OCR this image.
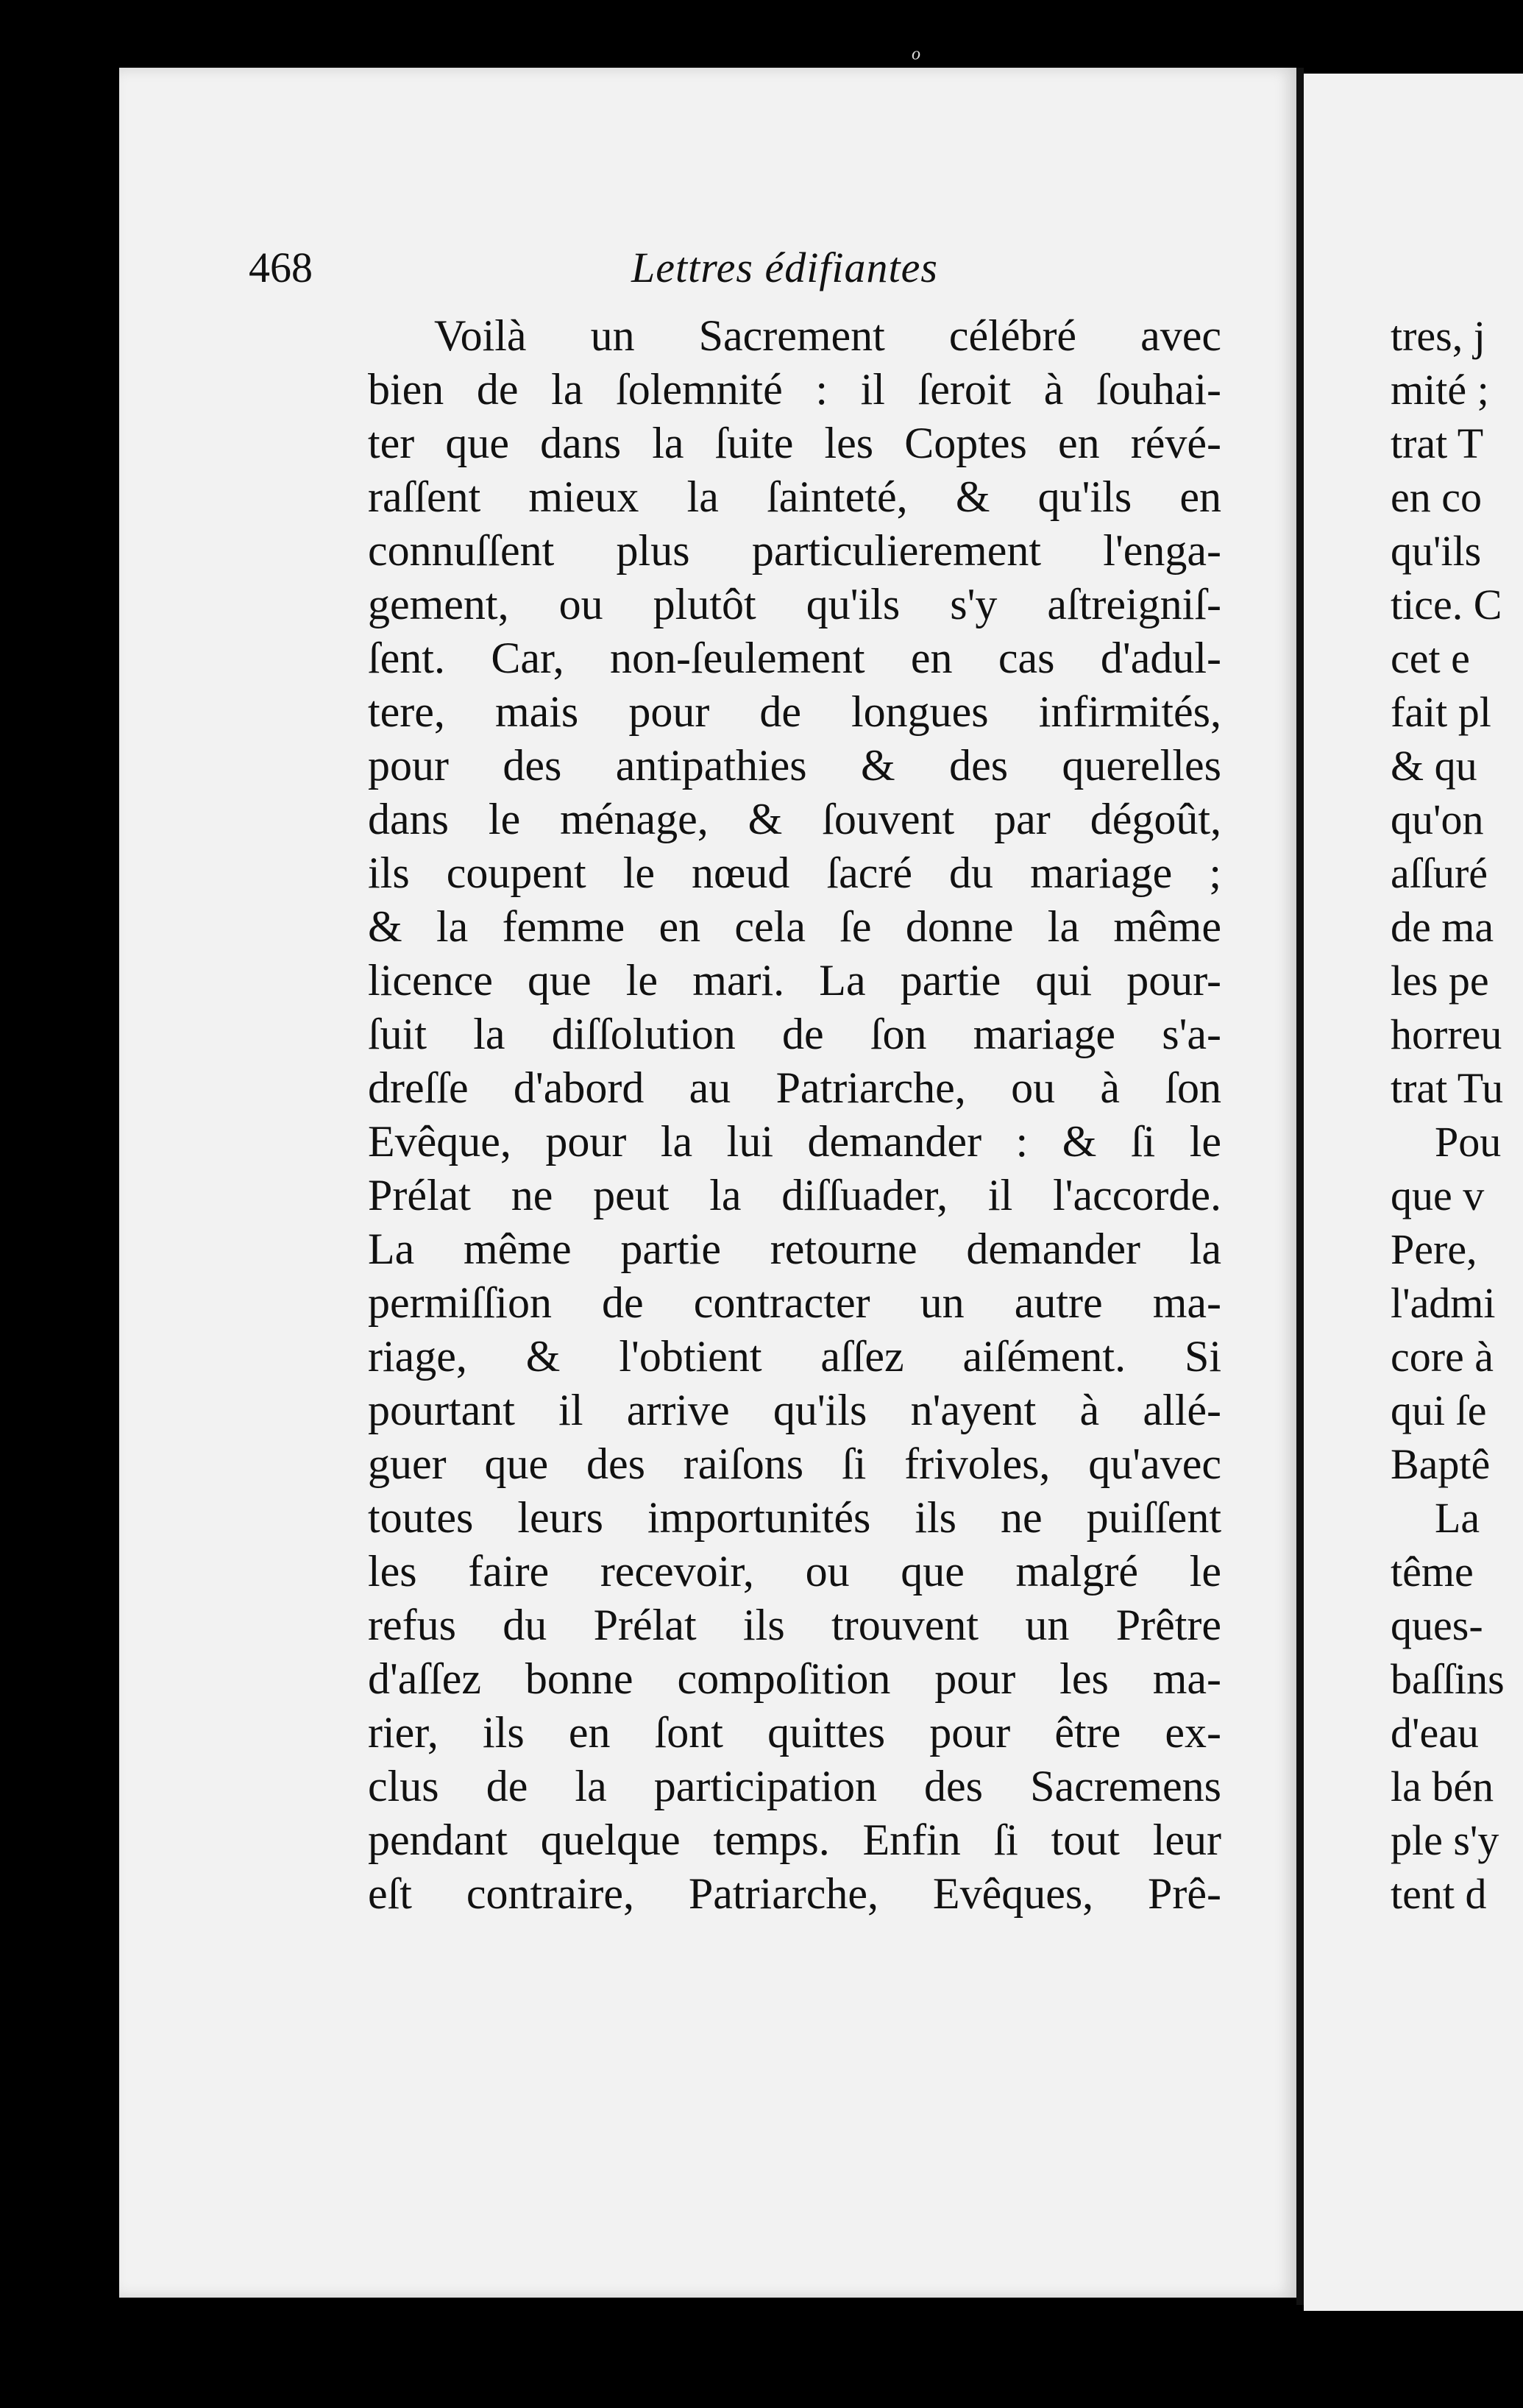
ₒ
468	Lettres édifiantes
Voilà un Sacrement célébré avec
bien de la ſolemnité : il ſeroit à ſouhai-
ter que dans la ſuite les Coptes en révé-
raſſent mieux la ſainteté, & qu'ils en
connuſſent plus particulierement l'enga-
gement, ou plutôt qu'ils s'y aſtreigniſ-
ſent. Car, non-ſeulement en cas d'adul-
tere, mais pour de longues infirmités,
pour des antipathies & des querelles
dans le ménage, & ſouvent par dégoût,
ils coupent le nœud ſacré du mariage ;
& la femme en cela ſe donne la même
licence que le mari. La partie qui pour-
ſuit la diſſolution de ſon mariage s'a-
dreſſe d'abord au Patriarche, ou à ſon
Evêque, pour la lui demander : & ſi le
Prélat ne peut la diſſuader, il l'accorde.
La même partie retourne demander la
permiſſion de contracter un autre ma-
riage, & l'obtient aſſez aiſément. Si
pourtant il arrive qu'ils n'ayent à allé-
guer que des raiſons ſi frivoles, qu'avec
toutes leurs importunités ils ne puiſſent
les faire recevoir, ou que malgré le
refus du Prélat ils trouvent un Prêtre
d'aſſez bonne compoſition pour les ma-
rier, ils en ſont quittes pour être ex-
clus de la participation des Sacremens
pendant quelque temps. Enfin ſi tout leur
eſt contraire, Patriarche, Evêques, Prê-
tres, j
mité ;
trat T
en co
qu'ils
tice. C
cet e
fait pl
& qu
qu'on
aſſuré
de ma
les pe
horreu
trat Tu
Pou
que v
Pere,
l'admi
core à
qui ſe
Baptê
La
tême
ques-
baſſins
d'eau
la bén
ple s'y
tent d
